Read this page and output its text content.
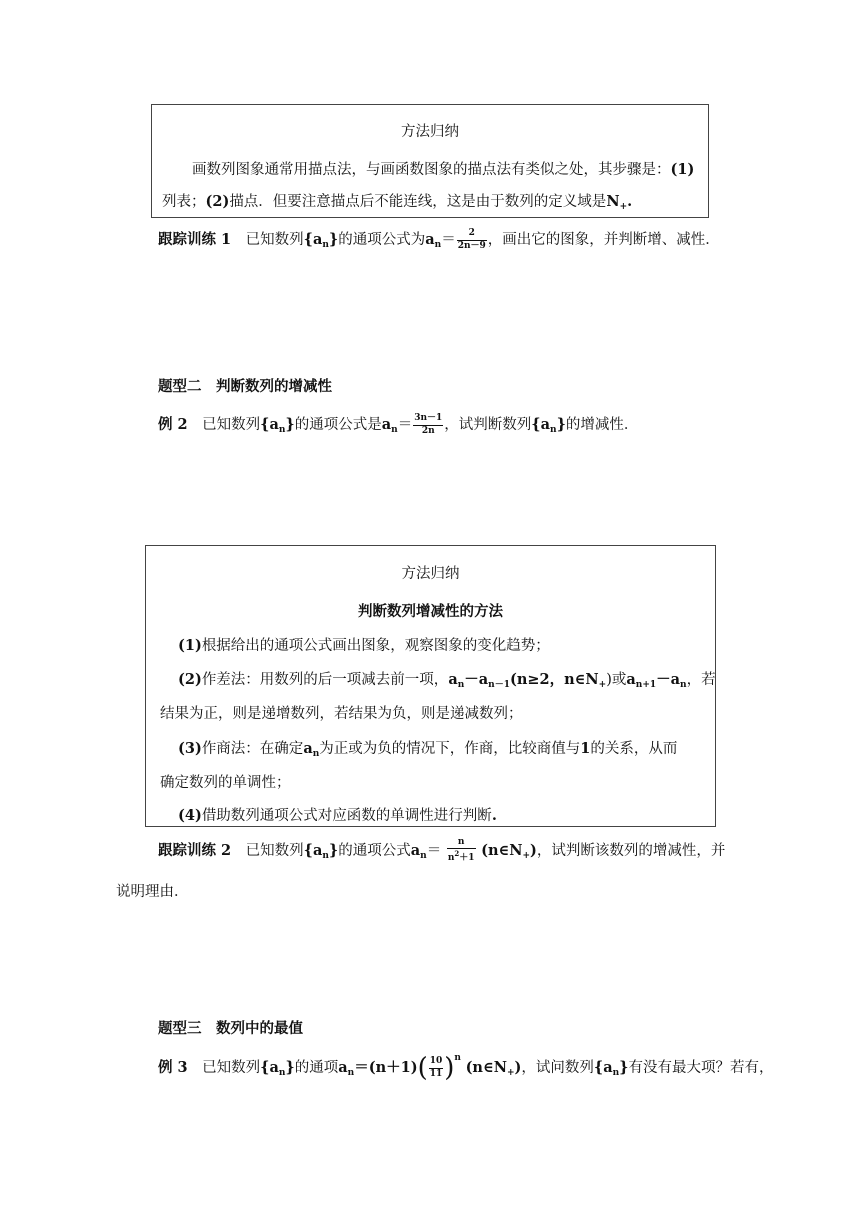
方法归纳
画数列图象通常用描点法，与画函数图象的描点法有类似之处，其步骤是：(1)
列表；(2)描点．但要注意描点后不能连线，这是由于数列的定义域是$N_+$.
跟踪训练 1  已知数列$\{a_n\}$的通项公式为$a_n= \frac{2}{2n-9}$ ，画出它的图象，并判断增、减性．
题型二　判断数列的增减性
例 2  已知数列$\{a_n\}$的通项公式是$a_n= \frac{3n-1}{2n}$ ，试判断数列$\{a_n\}$的增减性．
方法归纳
判断数列增减性的方法
(1)根据给出的通项公式画出图象，观察图象的变化趋势；
(2)作差法：用数列的后一项减去前一项，$a_n-a_{n-1}(n\ge 2$，$n\in N_+$)或$a_{n+1}-a_n$，若
结果为正，则是递增数列，若结果为负，则是递减数列；
(3)作商法：在确定$a_n$为正或为负的情况下，作商，比较商值与1的关系，从而
确定数列的单调性；
(4)借助数列通项公式对应函数的单调性进行判断.
跟踪训练 2  已知数列$\{a_n\}$的通项公式$a_n= \frac{n}{n^2+1}$ $(n\in N_+)$，试判断该数列的增减性，并
说明理由．
题型三　数列中的最值
例 3  已知数列$\{a_n\}$的通项$a_n=(n+1)( \frac{10}{11} )^n$ $(n\in N_+)$，试问数列$\{a_n\}$有没有最大项？若有，
